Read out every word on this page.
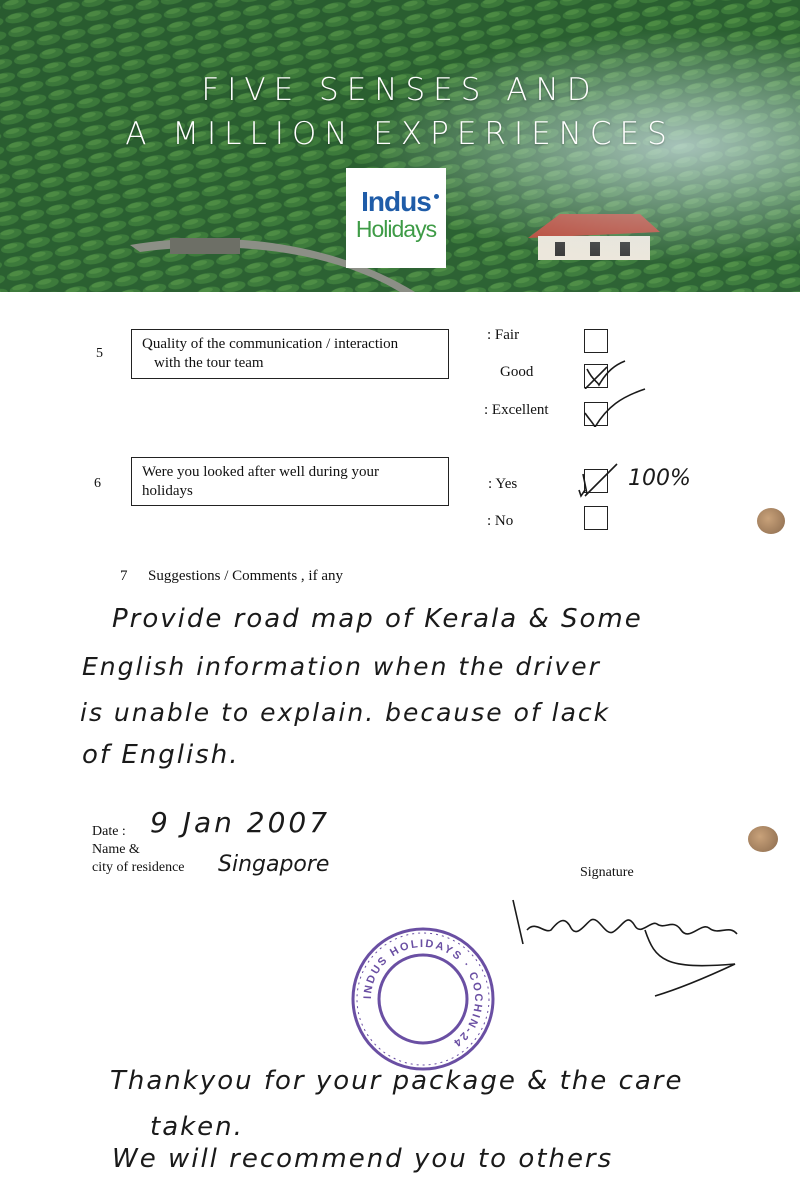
FIVE SENSES AND
A MILLION EXPERIENCES
Indus
Holidays
5
Quality of the communication / interaction
with the tour team
: Fair
Good
: Excellent
6
Were you looked after well during your
holidays	: Yes	100%
: No
7 Suggestions / Comments , if any
Provide road map of Kerala & Some
English information when the driver
is unable to explain. because of lack
of English.
Date : 9 Jan 2007
Name &
city of residence Singapore	Signature
INDUS HOLIDAYS · COCHIN-24
Thankyou for your package & the care
taken.
We will recommend you to others
